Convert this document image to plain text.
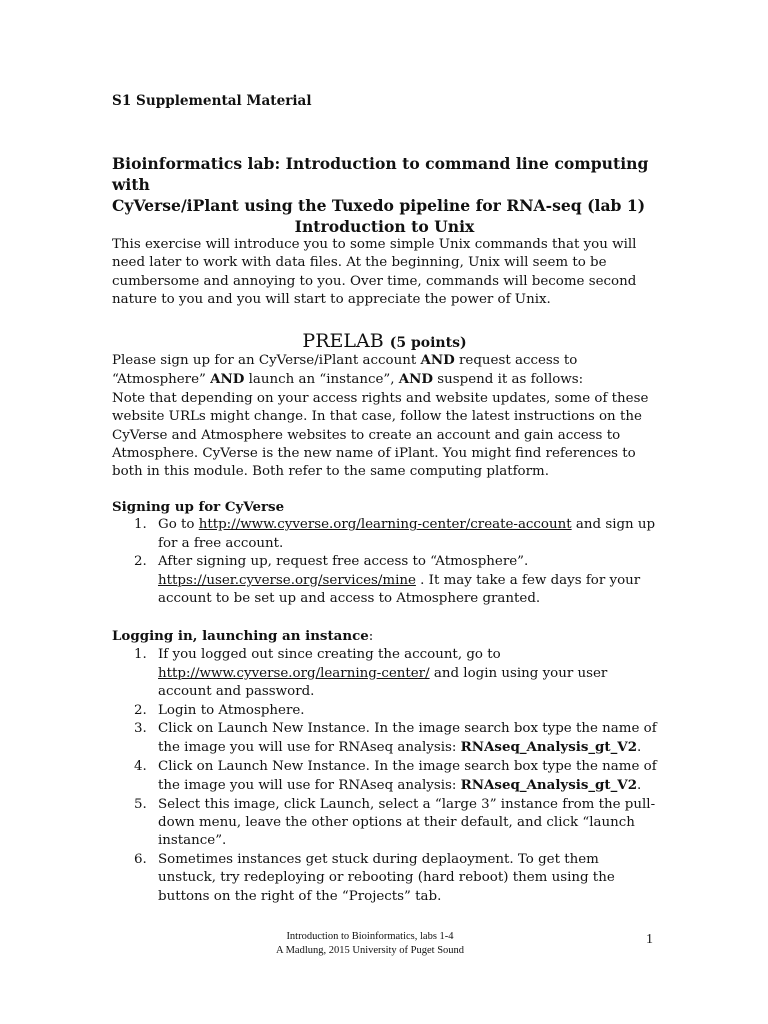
S1 Supplemental Material
Bioinformatics lab: Introduction to command line computing with
CyVerse/iPlant using the Tuxedo pipeline for RNA-seq (lab 1)
Introduction to Unix
This exercise will introduce you to some simple Unix commands that you will need later to work with data files. At the beginning, Unix will seem to be cumbersome and annoying to you. Over time, commands will become second nature to you and you will start to appreciate the power of Unix.
PRELAB (5 points)
Please sign up for an CyVerse/iPlant account AND request access to “Atmosphere” AND launch an “instance”, AND suspend it as follows:
Note that depending on your access rights and website updates, some of these website URLs might change. In that case, follow the latest instructions on the CyVerse and Atmosphere websites to create an account and gain access to Atmosphere. CyVerse is the new name of iPlant. You might find references to both in this module. Both refer to the same computing platform.
Signing up for CyVerse
1. Go to http://www.cyverse.org/learning-center/create-account and sign up for a free account.
2. After signing up, request free access to “Atmosphere”. https://user.cyverse.org/services/mine . It may take a few days for your account to be set up and access to Atmosphere granted.
Logging in, launching an instance:
1. If you logged out since creating the account, go to http://www.cyverse.org/learning-center/ and login using your user account and password.
2. Login to Atmosphere.
3. Click on Launch New Instance. In the image search box type the name of the image you will use for RNAseq analysis: RNAseq_Analysis_gt_V2.
4. Click on Launch New Instance. In the image search box type the name of the image you will use for RNAseq analysis: RNAseq_Analysis_gt_V2.
5. Select this image, click Launch, select a “large 3” instance from the pull-down menu, leave the other options at their default, and click “launch instance”.
6. Sometimes instances get stuck during deplaoyment. To get them unstuck, try redeploying or rebooting (hard reboot) them using the buttons on the right of the “Projects” tab.
Introduction to Bioinformatics, labs 1-4
A Madlung, 2015 University of Puget Sound
1
